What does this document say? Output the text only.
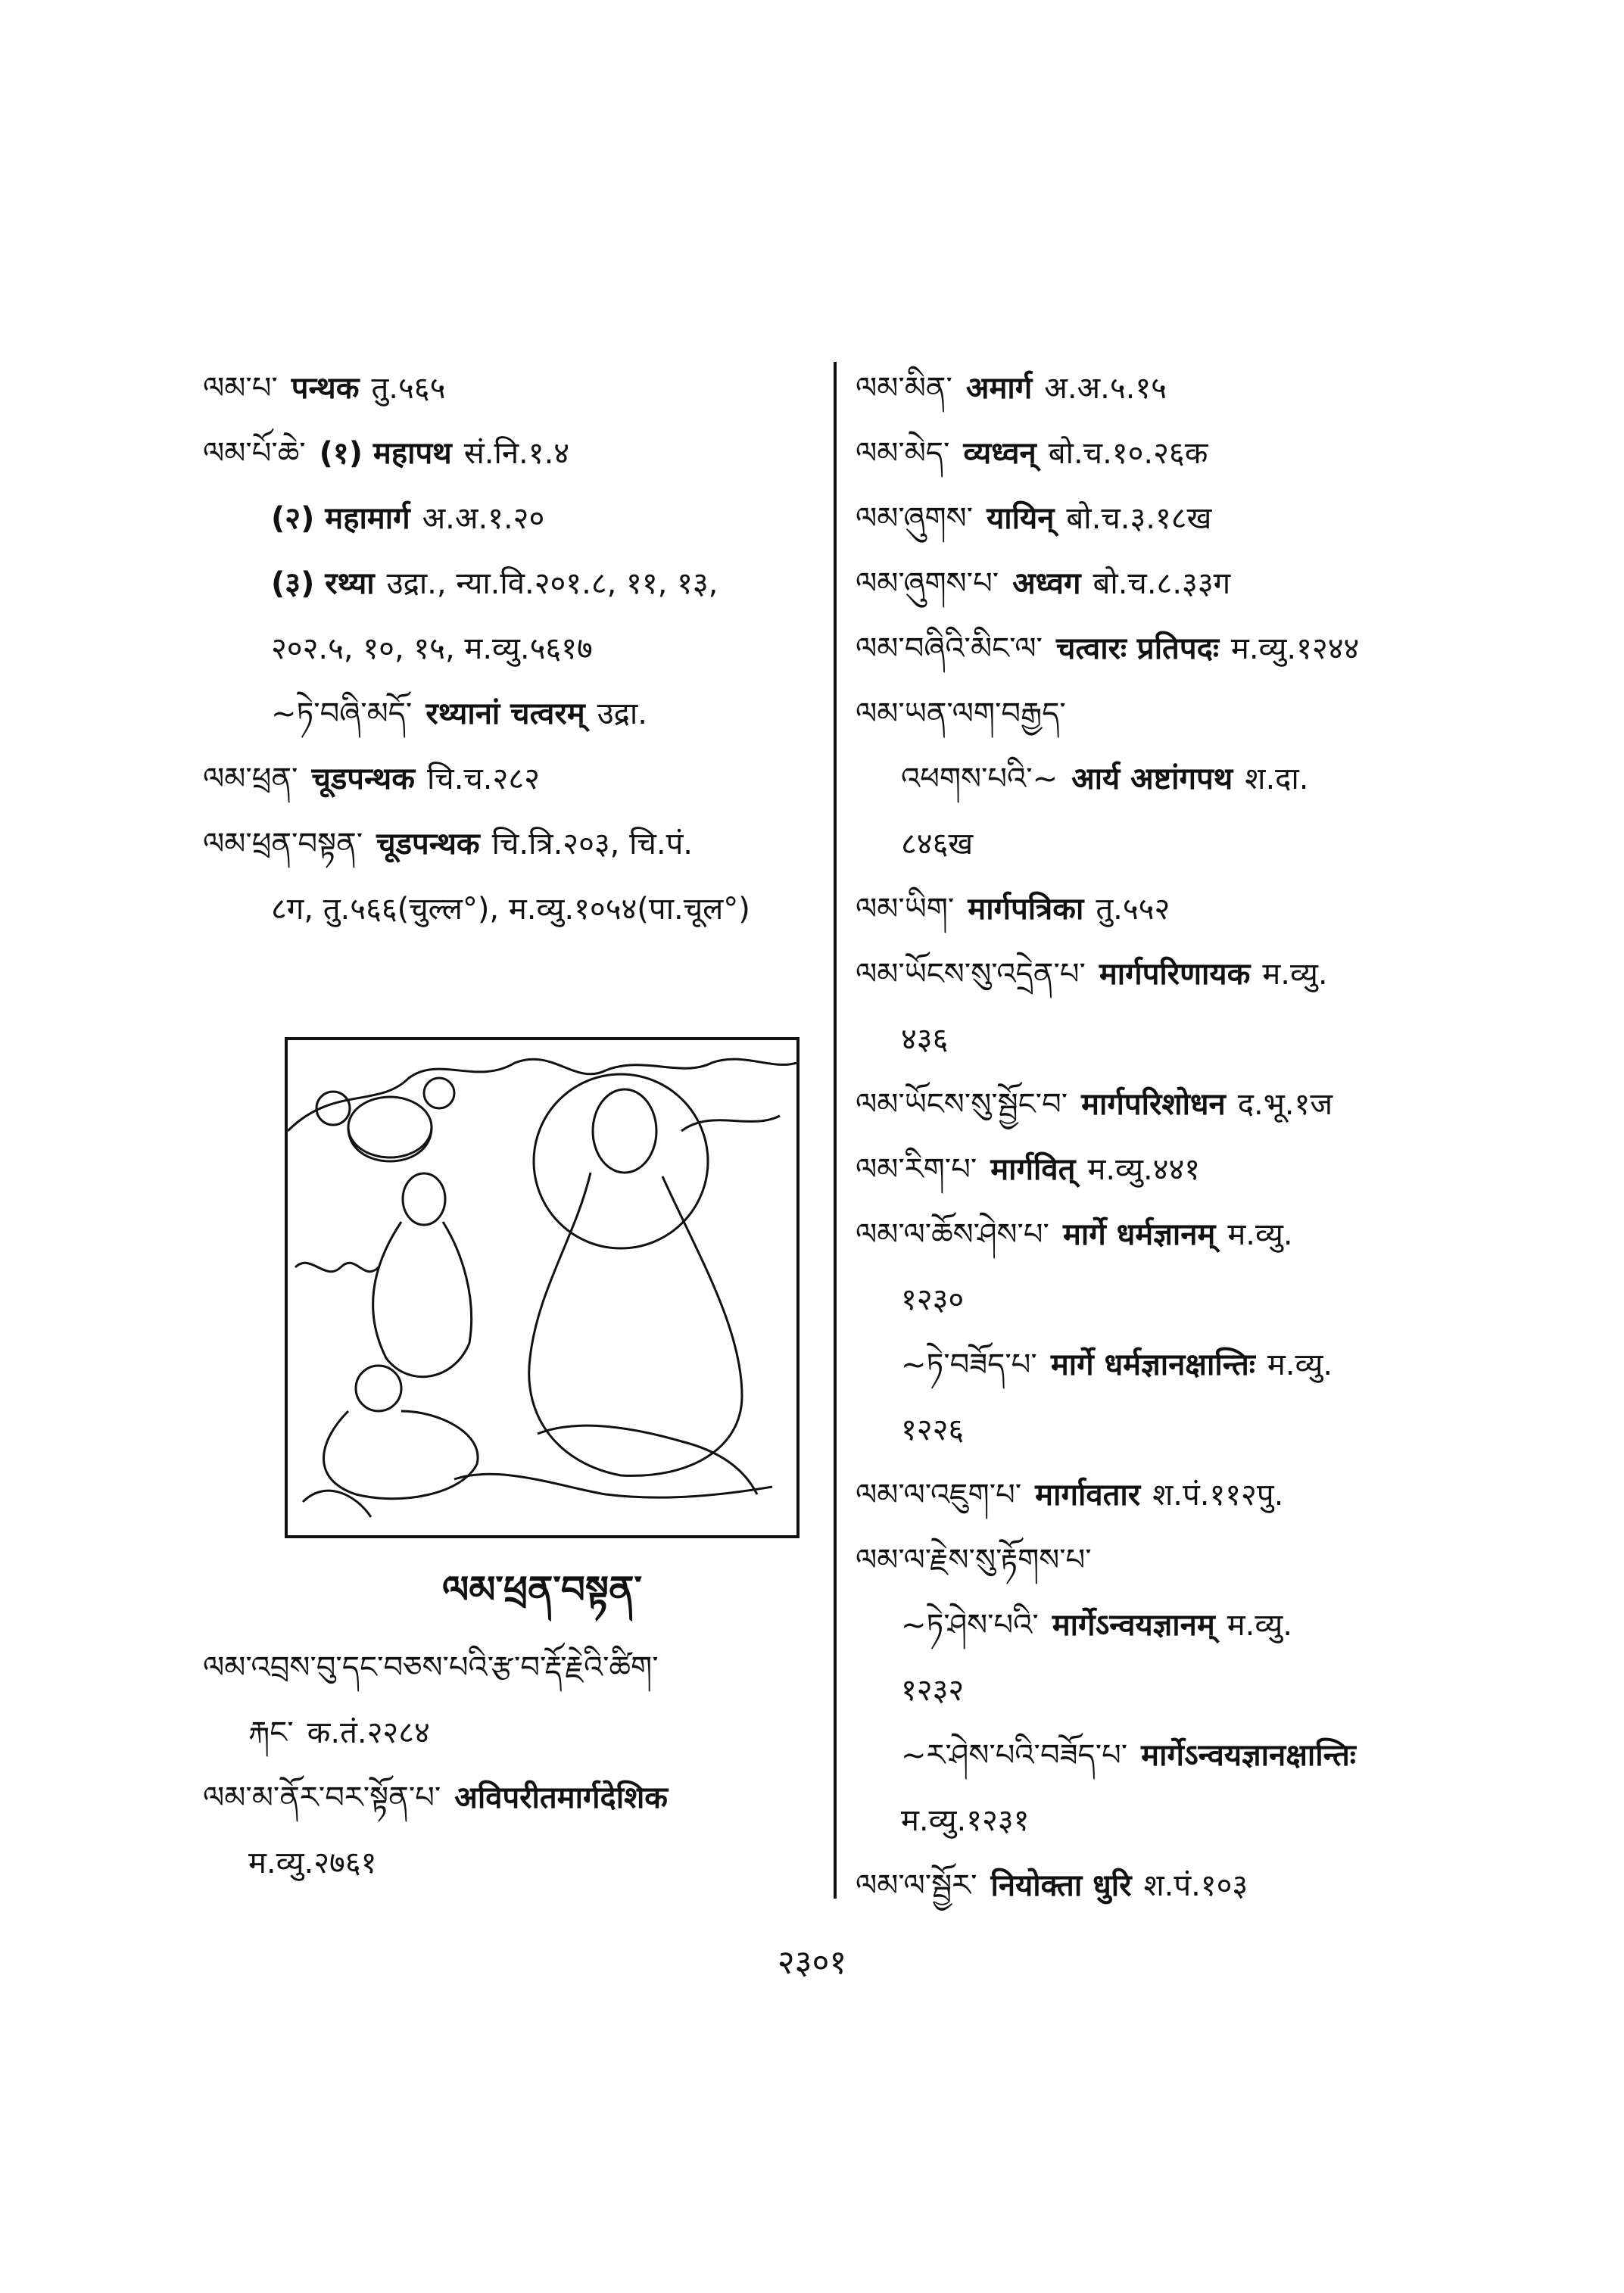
ལམ་པ་ पन्थक तु.५६५
ལམ་པོ་ཆེ་ (१) महापथ सं.नि.१.४
(२) महामार्ग अ.अ.१.२०
(३) रथ्या उद्रा., न्या.वि.२०१.८, ११, १३,
२०२.५, १०, १५, म.व्यु.५६१७
~ཏེ་བཞི་མདོ་ रथ्यानां चत्वरम् उद्रा.
ལམ་ཕྲན་ चूडपन्थक चि.च.२८२
ལམ་ཕྲན་བསྟན་ चूडपन्थक चि.त्रि.२०३, चि.पं.
८ग, तु.५६६(चुल्ल°), म.व्यु.१०५४(पा.चूल°)
ལམ་ཕྲན་བསྟན་
ལམ་འབྲས་བུ་དང་བཅས་པའི་རྩ་བ་རྡོ་རྗེའི་ཚིག་
རྐང་ क.तं.२२८४
ལམ་མ་ནོར་བར་སྟོན་པ་ अविपरीतमार्गदेशिक
म.व्यु.२७६१
ལམ་མིན་ अमार्ग अ.अ.५.१५
ལམ་མེད་ व्यध्वन् बो.च.१०.२६क
ལམ་ཞུགས་ यायिन् बो.च.३.१८ख
ལམ་ཞུགས་པ་ अध्वग बो.च.८.३३ग
ལམ་བཞིའི་མིང་ལ་ चत्वारः प्रतिपदः म.व्यु.१२४४
ལམ་ཡན་ལག་བརྒྱད་
འཕགས་པའི་~ आर्य अष्टांगपथ श.दा.
८४६ख
ལམ་ཡིག་ मार्गपत्रिका तु.५५२
ལམ་ཡོངས་སུ་འདྲེན་པ་ मार्गपरिणायक म.व्यु.
४३६
ལམ་ཡོངས་སུ་སྦྱོང་བ་ मार्गपरिशोधन द.भू.१ज
ལམ་རིག་པ་ मार्गवित् म.व्यु.४४१
ལམ་ལ་ཆོས་ཤེས་པ་ मार्गे धर्मज्ञानम् म.व्यु.
१२३०
~ཏེ་བཟོད་པ་ मार्गे धर्मज्ञानक्षान्तिः म.व्यु.
१२२६
ལམ་ལ་འཇུག་པ་ मार्गावतार श.पं.११२पु.
ལམ་ལ་རྗེས་སུ་རྟོགས་པ་
~ཏེ་ཤེས་པའི་ मार्गेऽन्वयज्ञानम् म.व्यु.
१२३२
~ར་ཤེས་པའི་བཟོད་པ་ मार्गेऽन्वयज्ञानक्षान्तिः
म.व्यु.१२३१
ལམ་ལ་སྦྱོར་ नियोक्ता धुरि श.पं.१०३
२३०१
